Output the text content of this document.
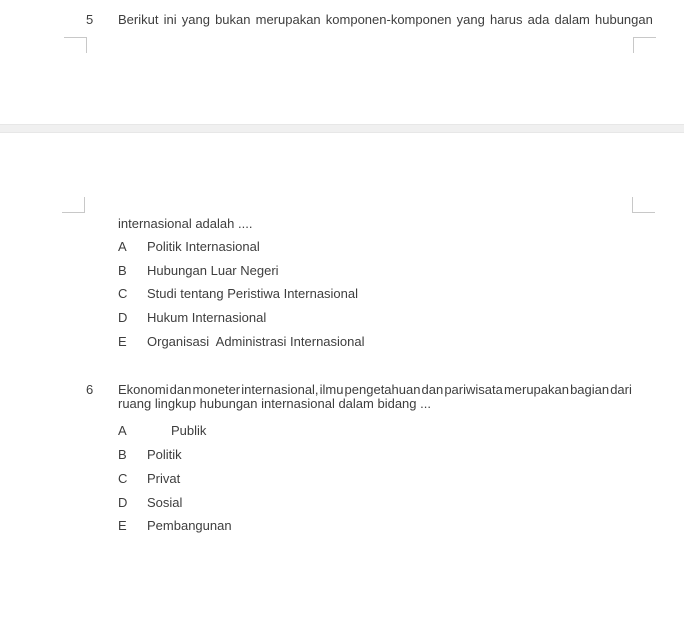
5 Berikut ini yang bukan merupakan komponen-komponen yang harus ada dalam hubungan
internasional adalah ....
A Politik Internasional
B Hubungan Luar Negeri
C Studi tentang Peristiwa Internasional
D Hukum Internasional
E Organisasi  Administrasi Internasional
6 Ekonomi dan moneter internasional, ilmu pengetahuan dan pariwisata merupakan bagian dari
ruang lingkup hubungan internasional dalam bidang ...
A	Publik
B Politik
C Privat
D Sosial
E Pembangunan
